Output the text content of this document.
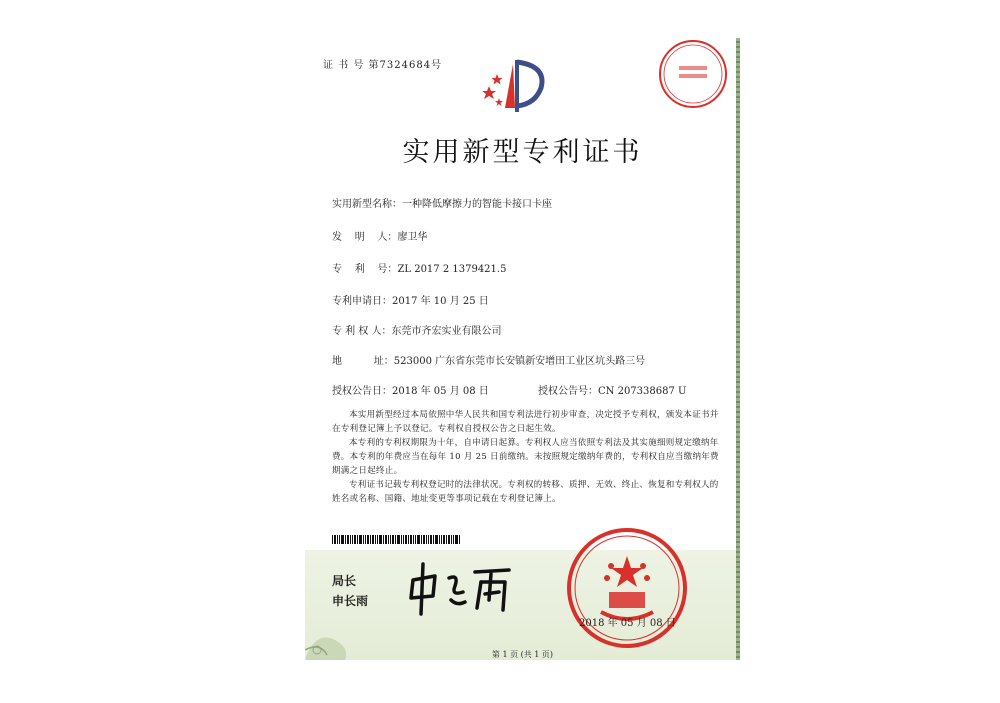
证 书 号 第7324684号
实用新型专利证书
实用新型名称：一种降低摩擦力的智能卡接口卡座
发    明    人：廖卫华
专    利    号：ZL 2017 2 1379421.5
专利申请日：2017 年 10 月 25 日
专 利 权 人：东莞市齐宏实业有限公司
地          址：523000 广东省东莞市长安镇新安增田工业区坑头路三号
授权公告日：2018 年 05 月 08 日	授权公告号：CN 207338687 U
本实用新型经过本局依照中华人民共和国专利法进行初步审查，决定授予专利权，颁发本证书并在专利登记簿上予以登记。专利权自授权公告之日起生效。
本专利的专利权期限为十年，自申请日起算。专利权人应当依照专利法及其实施细则规定缴纳年费。本专利的年费应当在每年 10 月 25 日前缴纳。未按照规定缴纳年费的，专利权自应当缴纳年费期满之日起终止。
专利证书记载专利权登记时的法律状况。专利权的转移、质押、无效、终止、恢复和专利权人的姓名或名称、国籍、地址变更等事项记载在专利登记簿上。
局长
申长雨
2018 年 05 月 08 日
第 1 页 (共 1 页)
